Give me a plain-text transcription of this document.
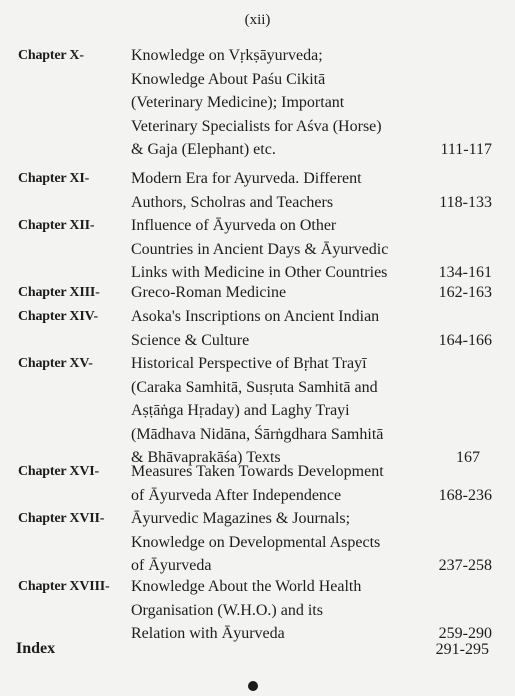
(xii)
Chapter X-	Knowledge on Vṛkṣāyurveda;
Knowledge About Paśu Cikitā
(Veterinary Medicine); Important
Veterinary Specialists for Aśva (Horse)
& Gaja (Elephant) etc.	111-117
Chapter XI-	Modern Era for Ayurveda. Different
Authors, Scholras and Teachers	118-133
Chapter XII- Influence of Āyurveda on Other
Countries in Ancient Days & Āyurvedic
Links with Medicine in Other Countries	134-161
Chapter XIII- Greco-Roman Medicine	162-163
Chapter XIV- Asoka's Inscriptions on Ancient Indian
Science & Culture	164-166
Chapter XV- Historical Perspective of Bṛhat Trayī
(Caraka Samhitā, Susṛuta Samhitā and
Aṣṭāṅga Hṛaday) and Laghy Trayi
(Mādhava Nidāna, Śārṅgdhara Samhitā
& Bhāvaprakāśa) Texts	167
Chapter XVI- Measures Taken Towards Development
of Āyurveda After Independence	168-236
Chapter XVII- Āyurvedic Magazines & Journals;
Knowledge on Developmental Aspects
of Āyurveda	237-258
Chapter XVIII- Knowledge About the World Health
Organisation (W.H.O.) and its
Relation with Āyurveda	259-290
Index	291-295
